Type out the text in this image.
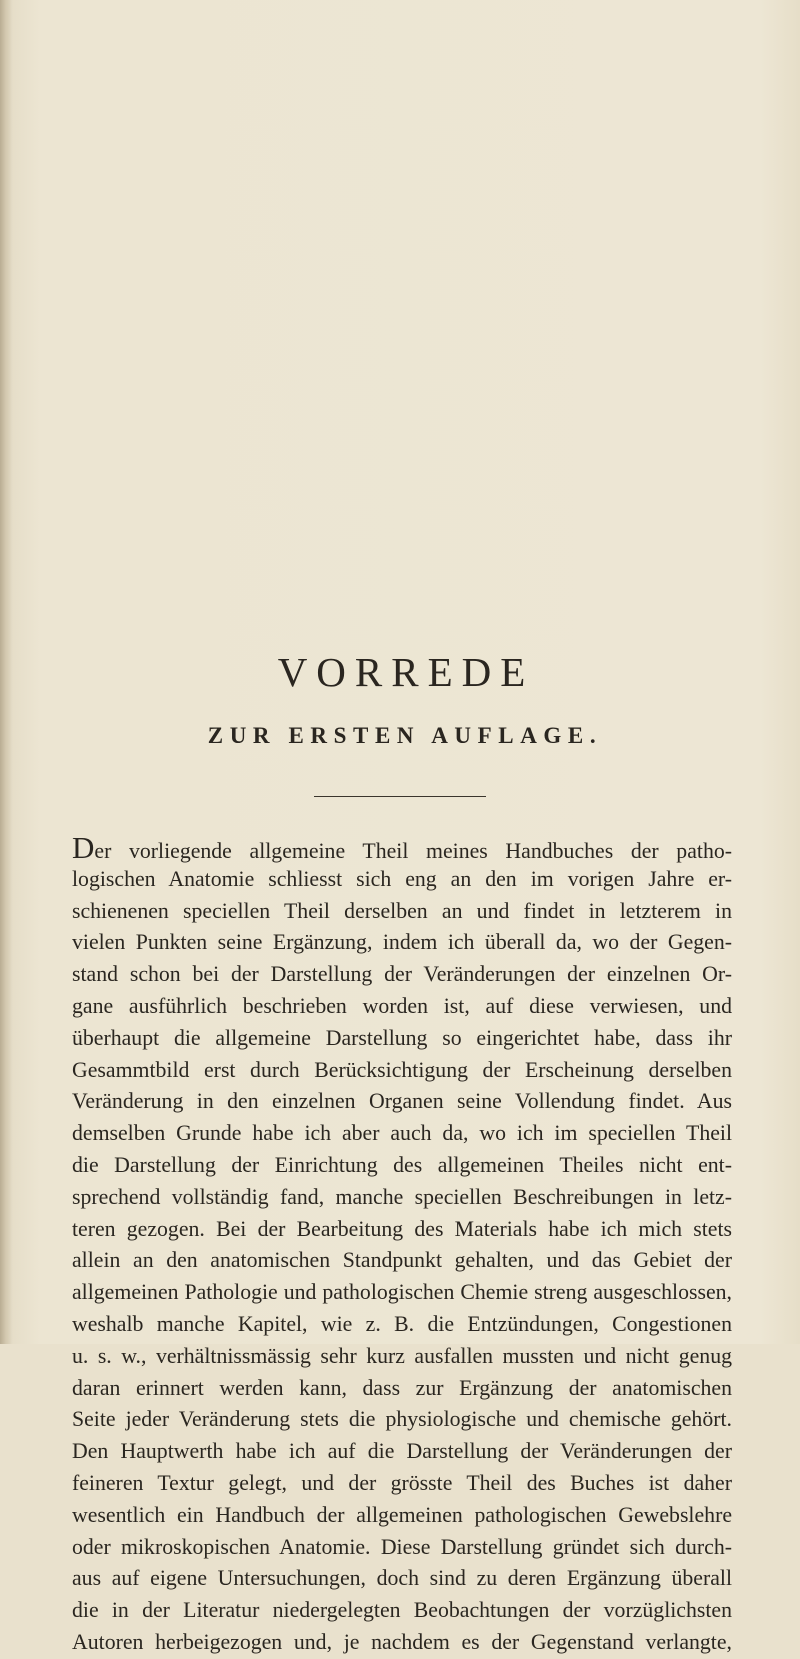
VORREDE
ZUR ERSTEN AUFLAGE.
Der vorliegende allgemeine Theil meines Handbuches der patho-
logischen Anatomie schliesst sich eng an den im vorigen Jahre er-
schienenen speciellen Theil derselben an und findet in letzterem in
vielen Punkten seine Ergänzung, indem ich überall da, wo der Gegen-
stand schon bei der Darstellung der Veränderungen der einzelnen Or-
gane ausführlich beschrieben worden ist, auf diese verwiesen, und
überhaupt die allgemeine Darstellung so eingerichtet habe, dass ihr
Gesammtbild erst durch Berücksichtigung der Erscheinung derselben
Veränderung in den einzelnen Organen seine Vollendung findet. Aus
demselben Grunde habe ich aber auch da, wo ich im speciellen Theil
die Darstellung der Einrichtung des allgemeinen Theiles nicht ent-
sprechend vollständig fand, manche speciellen Beschreibungen in letz-
teren gezogen. Bei der Bearbeitung des Materials habe ich mich stets
allein an den anatomischen Standpunkt gehalten, und das Gebiet der
allgemeinen Pathologie und pathologischen Chemie streng ausgeschlossen,
weshalb manche Kapitel, wie z. B. die Entzündungen, Congestionen
u. s. w., verhältnissmässig sehr kurz ausfallen mussten und nicht genug
daran erinnert werden kann, dass zur Ergänzung der anatomischen
Seite jeder Veränderung stets die physiologische und chemische gehört.
Den Hauptwerth habe ich auf die Darstellung der Veränderungen der
feineren Textur gelegt, und der grösste Theil des Buches ist daher
wesentlich ein Handbuch der allgemeinen pathologischen Gewebslehre
oder mikroskopischen Anatomie. Diese Darstellung gründet sich durch-
aus auf eigene Untersuchungen, doch sind zu deren Ergänzung überall
die in der Literatur niedergelegten Beobachtungen der vorzüglichsten
Autoren herbeigezogen und, je nachdem es der Gegenstand verlangte,
